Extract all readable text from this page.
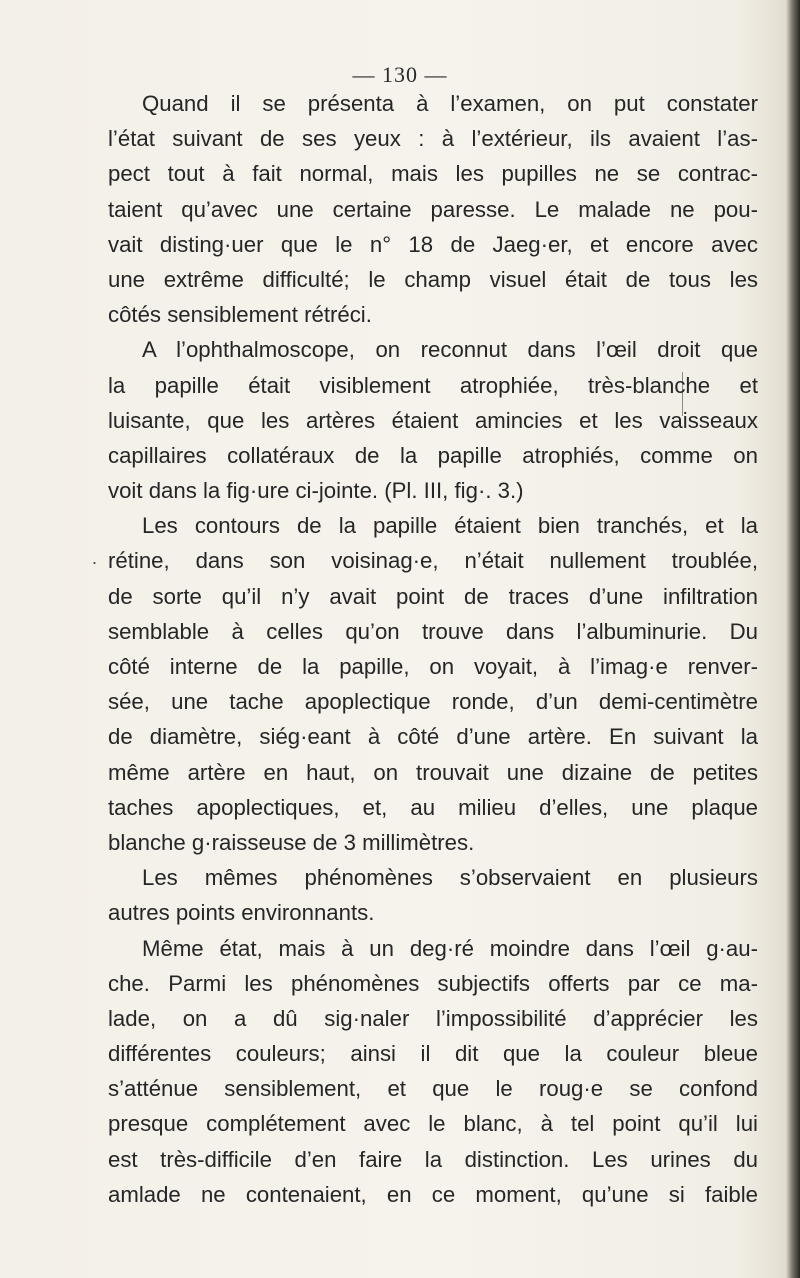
— 130 —
.
Quand il se présenta à l’examen, on put constater
l’état suivant de ses yeux : à l’extérieur, ils avaient l’as-
pect tout à fait normal, mais les pupilles ne se contrac-
taient qu’avec une certaine paresse. Le malade ne pou-
vait disting·uer que le n° 18 de Jaeg·er, et encore avec
une extrême difficulté; le champ visuel était de tous les
côtés sensiblement rétréci.
A l’ophthalmoscope, on reconnut dans l’œil droit que
la papille était visiblement atrophiée, très-blanche et
luisante, que les artères étaient amincies et les vaisseaux
capillaires collatéraux de la papille atrophiés, comme on
voit dans la fig·ure ci-jointe. (Pl. III, fig·. 3.)
Les contours de la papille étaient bien tranchés, et la
rétine, dans son voisinag·e, n’était nullement troublée,
de sorte qu’il n’y avait point de traces d’une infiltration
semblable à celles qu’on trouve dans l’albuminurie. Du
côté interne de la papille, on voyait, à l’imag·e renver-
sée, une tache apoplectique ronde, d’un demi-centimètre
de diamètre, siég·eant à côté d’une artère. En suivant la
même artère en haut, on trouvait une dizaine de petites
taches apoplectiques, et, au milieu d’elles, une plaque
blanche g·raisseuse de 3 millimètres.
Les mêmes phénomènes s’observaient en plusieurs
autres points environnants.
Même état, mais à un deg·ré moindre dans l’œil g·au-
che. Parmi les phénomènes subjectifs offerts par ce ma-
lade, on a dû sig·naler l’impossibilité d’apprécier les
différentes couleurs; ainsi il dit que la couleur bleue
s’atténue sensiblement, et que le roug·e se confond
presque complétement avec le blanc, à tel point qu’il lui
est très-difficile d’en faire la distinction. Les urines du
amlade ne contenaient, en ce moment, qu’une si faible
